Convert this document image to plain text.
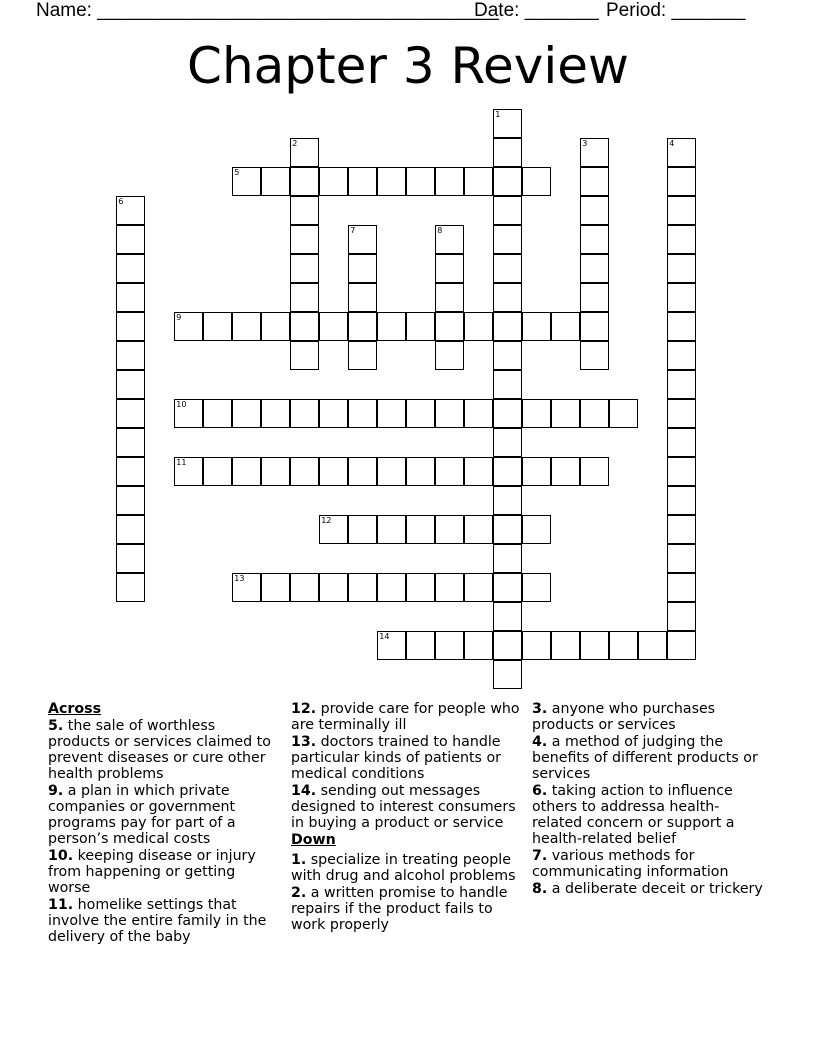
Name: ______________________________________
Date: _______ Period: _______
Chapter 3 Review
1
2	3	4
5
6
7	8
9
10
11
12
13
14
Across

5. the sale of worthless products or services claimed to prevent diseases or cure other health problems

9. a plan in which private companies or government programs pay for part of a person’s medical costs

10. keeping disease or injury from happening or getting worse

11. homelike settings that involve the entire family in the delivery of the baby

12. provide care for people who are terminally ill

13. doctors trained to handle particular kinds of patients or medical conditions

14. sending out messages designed to interest consumers in buying a product or service

Down

1. specialize in treating people with drug and alcohol problems

2. a written promise to handle repairs if the product fails to work properly

3. anyone who purchases products or services

4. a method of judging the benefits of different products or services

6. taking action to influence others to addressa health-related concern or support a health-related belief

7. various methods for communicating information

8. a deliberate deceit or trickery
